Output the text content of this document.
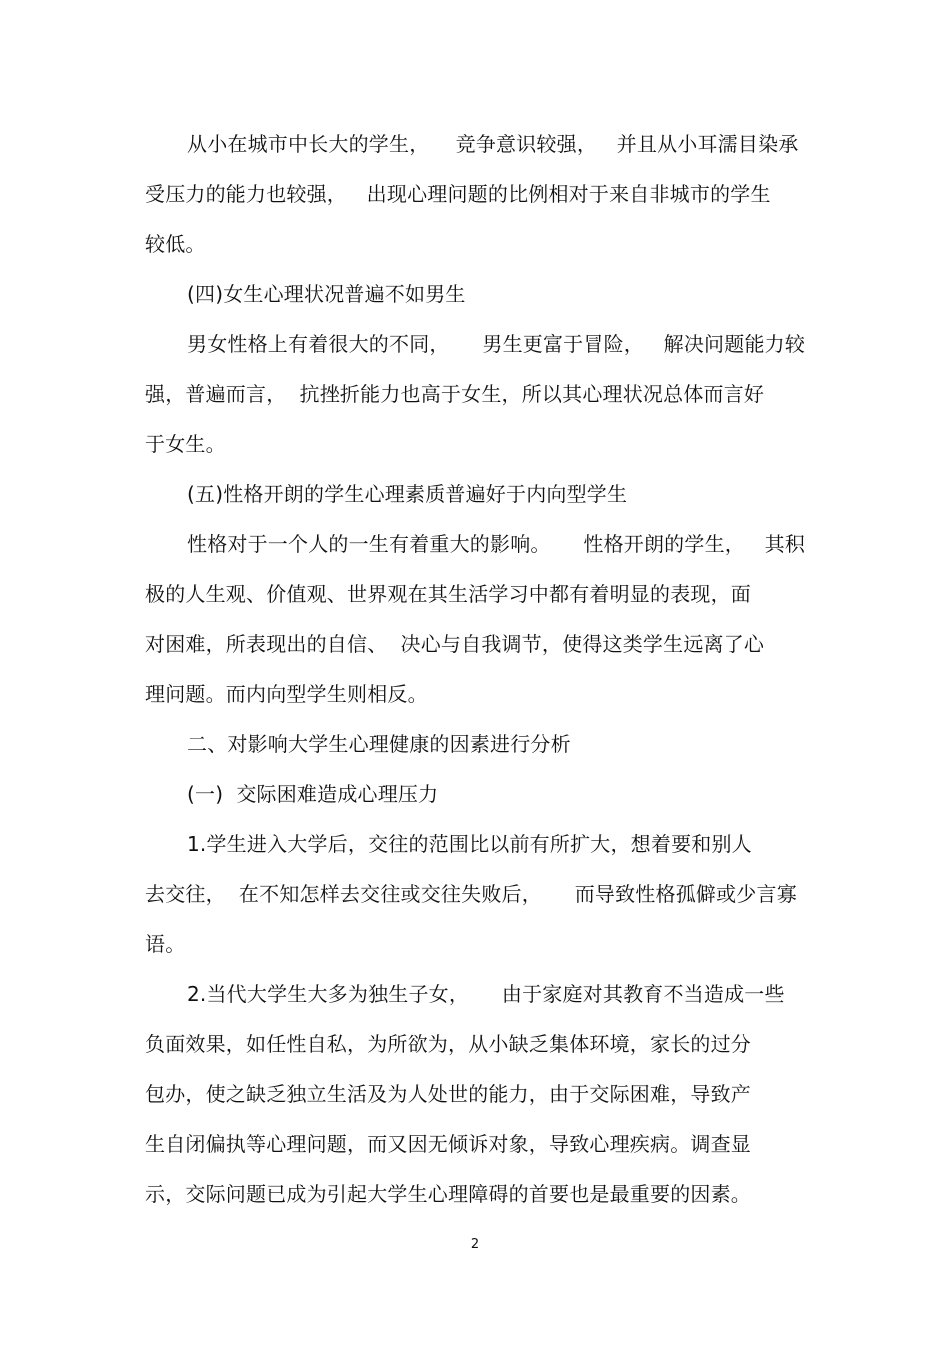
从小在城市中长大的学生，    竞争意识较强，   并且从小耳濡目染承
受压力的能力也较强，   出现心理问题的比例相对于来自非城市的学生
较低。
(四)女生心理状况普遍不如男生
男女性格上有着很大的不同，     男生更富于冒险，   解决问题能力较
强，普遍而言，  抗挫折能力也高于女生，所以其心理状况总体而言好
于女生。
(五)性格开朗的学生心理素质普遍好于内向型学生
性格对于一个人的一生有着重大的影响。     性格开朗的学生，   其积
极的人生观、价值观、世界观在其生活学习中都有着明显的表现，面
对困难，所表现出的自信、  决心与自我调节，使得这类学生远离了心
理问题。而内向型学生则相反。
二、对影响大学生心理健康的因素进行分析
(一)  交际困难造成心理压力
1.学生进入大学后，交往的范围比以前有所扩大，想着要和别人
去交往，  在不知怎样去交往或交往失败后，     而导致性格孤僻或少言寡
语。
2.当代大学生大多为独生子女，     由于家庭对其教育不当造成一些
负面效果，如任性自私，为所欲为，从小缺乏集体环境，家长的过分
包办，使之缺乏独立生活及为人处世的能力，由于交际困难，导致产
生自闭偏执等心理问题，而又因无倾诉对象，导致心理疾病。调查显
示，交际问题已成为引起大学生心理障碍的首要也是最重要的因素。
2
